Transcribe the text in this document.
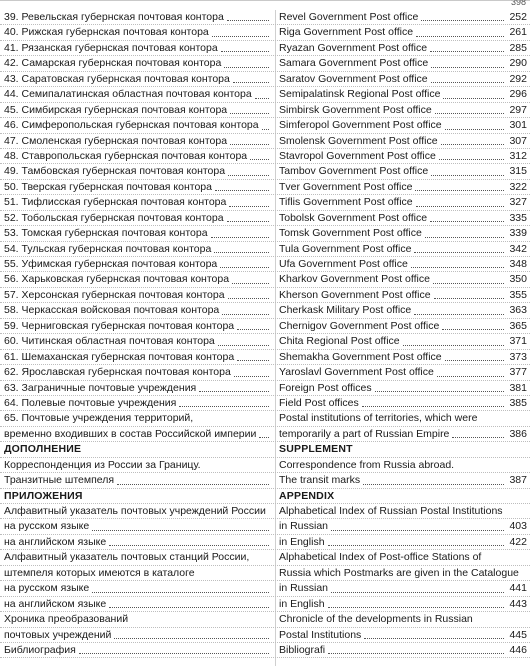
398
39. Ревельская губернская почтовая контора	Revel Government Post office	252
40. Рижская губернская почтовая контора	Riga Government Post office	261
41. Рязанская губернская почтовая контора	Ryazan Government Post office	285
42. Самарская губернская почтовая контора	Samara Government Post office	290
43. Саратовская губернская почтовая контора	Saratov Government Post office	292
44. Семипалатинская областная почтовая контора	Semipalatinsk Regional Post office	296
45. Симбирская губернская почтовая контора	Simbirsk Government Post office	297
46. Симферопольская губернская почтовая контора Simferopol Government Post office	301
47. Смоленская губернская почтовая контора	Smolensk Government Post office	307
48. Ставропольская губернская почтовая контора	Stavropol Government Post office	312
49. Тамбовская губернская почтовая контора	Tambov Government Post office	315
50. Тверская губернская почтовая контора	Tver Government Post office	322
51. Тифлисская губернская почтовая контора	Tiflis Government Post office	327
52. Тобольская губернская почтовая контора	Tobolsk Government Post office	335
53. Томская губернская почтовая контора	Tomsk Government Post office	339
54. Тульская губернская почтовая контора	Tula Government Post office	342
55. Уфимская губернская почтовая контора	Ufa Government Post office	348
56. Харьковская губернская почтовая контора	Kharkov Government Post office	350
57. Херсонская губернская почтовая контора	Kherson Government Post office	355
58. Черкасская войсковая почтовая контора	Cherkask Military Post office	363
59. Черниговская губернская почтовая контора	Chernigov Government Post office	365
60. Читинская областная почтовая контора	Chita Regional Post office	371
61. Шемаханская губернская почтовая контора	Shemakha Government Post office	373
62. Ярославская губернская почтовая контора	Yaroslavl Government Post office	377
63. Заграничные почтовые учреждения	Foreign Post offices	381
64. Полевые почтовые учреждения	Field Post offices	385
65. Почтовые учреждения территорий,	Postal institutions of territories, which were
временно входивших в состав Российской империи temporarily a part of Russian Empire	386
ДОПОЛНЕНИЕ	SUPPLEMENT
Корреспонденция из России за Границу.	Correspondence from Russia abroad.
Транзитные штемпеля	The transit marks	387
ПРИЛОЖЕНИЯ	APPENDIX
Алфавитный указатель почтовых учреждений России Alphabetical Index of Russian Postal Institutions
на русском языке	in Russian	403
на английском языке	in English	422
Алфавитный указатель почтовых станций России,	Alphabetical Index of Post-office Stations of
штемпеля которых имеются в каталоге	Russia which Postmarks are given in the Catalogue
на русском языке	in Russian	441
на английском языке	in English	443
Хроника преобразований	Chronicle of the developments in Russian
почтовых учреждений	Postal Institutions	445
Библиография	Bibliografi	446
